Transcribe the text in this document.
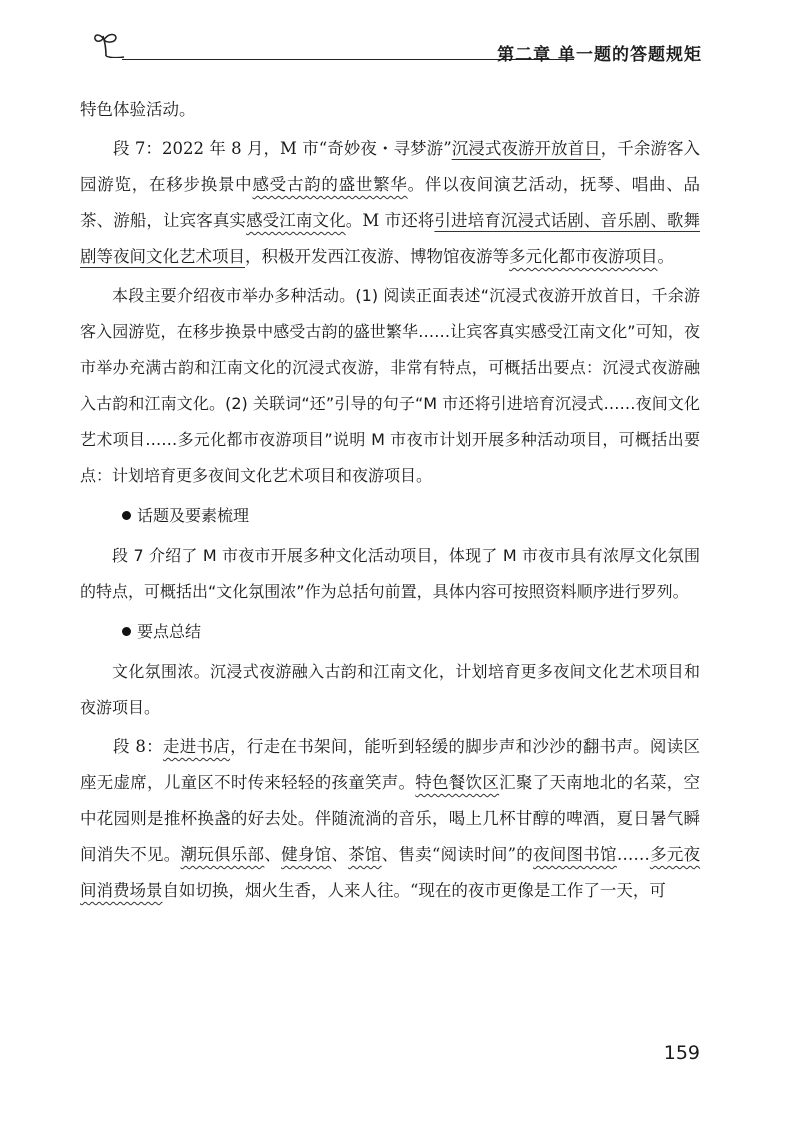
第二章 单一题的答题规矩

特色体验活动。

段 7：2022 年 8 月，M 市“奇妙夜・寻梦游”沉浸式夜游开放首日，千余游客入园游览，在移步换景中感受古韵的盛世繁华。伴以夜间演艺活动，抚琴、唱曲、品茶、游船，让宾客真实感受江南文化。M 市还将引进培育沉浸式话剧、音乐剧、歌舞剧等夜间文化艺术项目，积极开发西江夜游、博物馆夜游等多元化都市夜游项目。

本段主要介绍夜市举办多种活动。(1) 阅读正面表述“沉浸式夜游开放首日，千余游客入园游览，在移步换景中感受古韵的盛世繁华……让宾客真实感受江南文化”可知，夜市举办充满古韵和江南文化的沉浸式夜游，非常有特点，可概括出要点：沉浸式夜游融入古韵和江南文化。(2) 关联词“还”引导的句子“M 市还将引进培育沉浸式……夜间文化艺术项目……多元化都市夜游项目”说明 M 市夜市计划开展多种活动项目，可概括出要点：计划培育更多夜间文化艺术项目和夜游项目。

话题及要素梳理

段 7 介绍了 M 市夜市开展多种文化活动项目，体现了 M 市夜市具有浓厚文化氛围的特点，可概括出“文化氛围浓”作为总括句前置，具体内容可按照资料顺序进行罗列。

要点总结

文化氛围浓。沉浸式夜游融入古韵和江南文化，计划培育更多夜间文化艺术项目和夜游项目。

段 8：走进书店，行走在书架间，能听到轻缓的脚步声和沙沙的翻书声。阅读区座无虚席，儿童区不时传来轻轻的孩童笑声。特色餐饮区汇聚了天南地北的名菜，空中花园则是推杯换盏的好去处。伴随流淌的音乐，喝上几杯甘醇的啤酒，夏日暑气瞬间消失不见。潮玩俱乐部、健身馆、茶馆、售卖“阅读时间”的夜间图书馆……多元夜间消费场景自如切换，烟火生香，人来人往。“现在的夜市更像是工作了一天，可

159
